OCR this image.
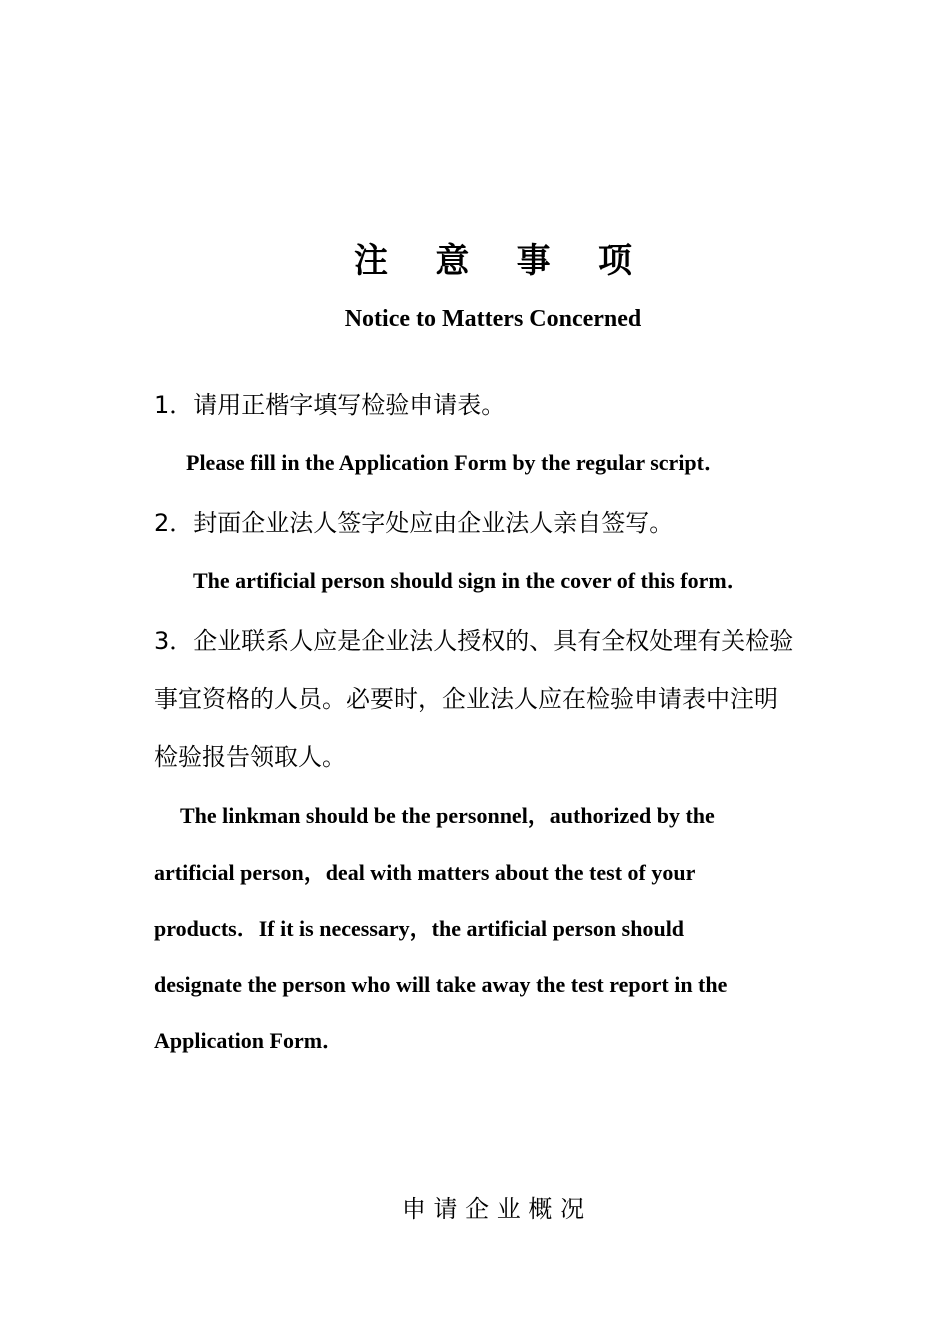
注    意    事    项
Notice to Matters Concerned
1．请用正楷字填写检验申请表。
Please fill in the Application Form by the regular script．
2．封面企业法人签字处应由企业法人亲自签写。
The artificial person should sign in the cover of this form．
3．企业联系人应是企业法人授权的、具有全权处理有关检验
事宜资格的人员。必要时，企业法人应在检验申请表中注明
检验报告领取人。
The linkman should be the personnel，authorized by the
artificial person，deal with matters about the test of your
products．If it is necessary，the artificial person should
designate the person who will take away the test report in the
Application Form．
申 请 企 业 概 况
